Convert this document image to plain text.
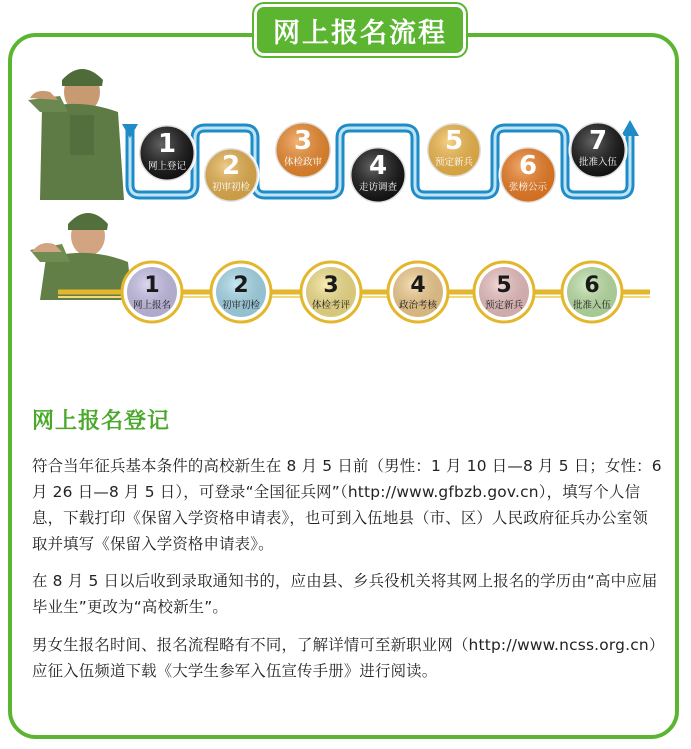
网上报名流程
1
网上登记 2
初审初检
3
体检政审 4
走访调查
5
预定新兵 6
张榜公示
7
批准入伍
1
网上报名
2
初审初检
3
体检考评
4
政治考核
5
预定新兵
6
批准入伍
网上报名登记
符合当年征兵基本条件的高校新生在 8 月 5 日前（男性：1 月 10 日—8 月 5 日；女性：6 月 26 日—8 月 5 日），可登录“全国征兵网”（http://www.gfbzb.gov.cn），填写个人信息，下载打印《保留入学资格申请表》，也可到入伍地县（市、区）人民政府征兵办公室领取并填写《保留入学资格申请表》。
在 8 月 5 日以后收到录取通知书的，应由县、乡兵役机关将其网上报名的学历由“高中应届毕业生”更改为“高校新生”。
男女生报名时间、报名流程略有不同，了解详情可至新职业网（http://www.ncss.org.cn）应征入伍频道下载《大学生参军入伍宣传手册》进行阅读。
